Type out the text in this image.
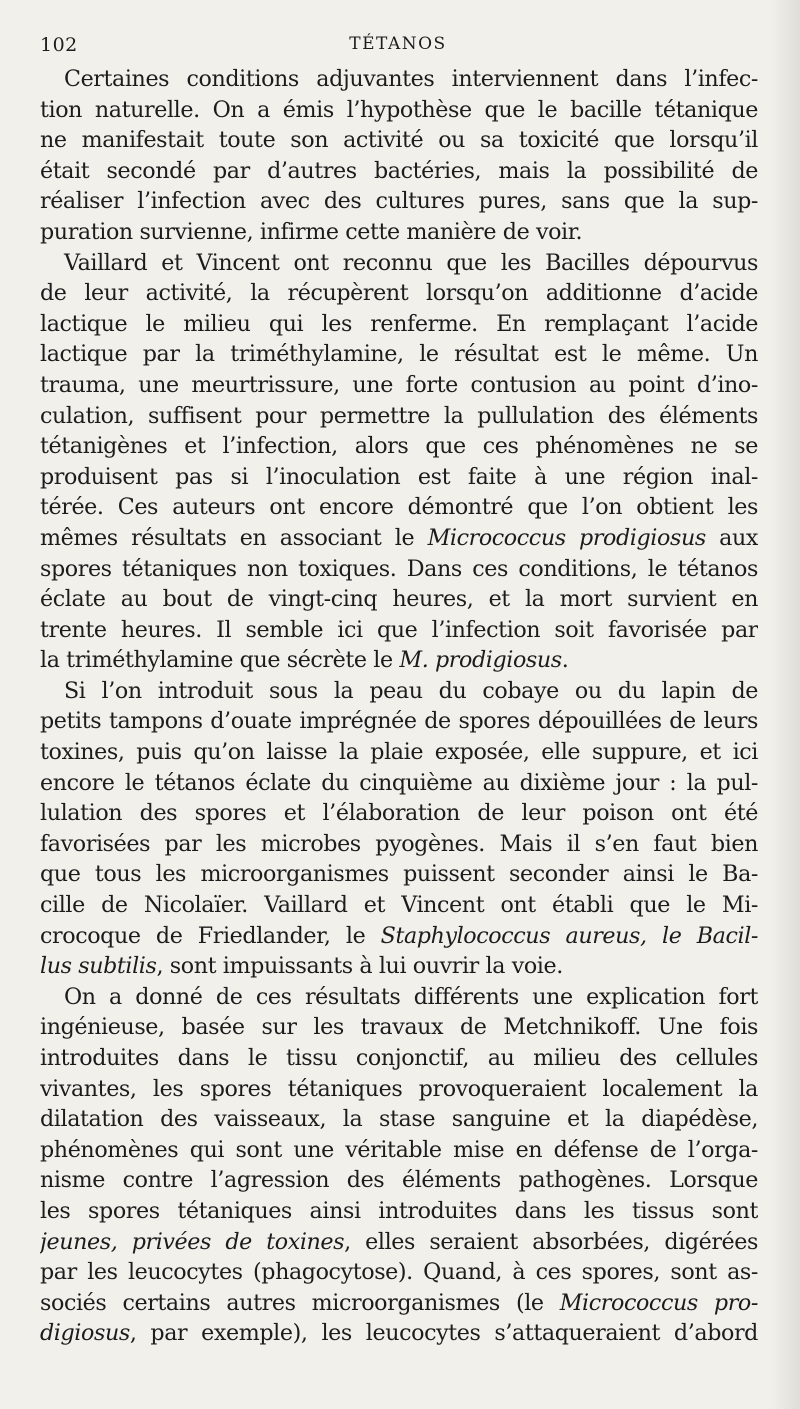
102	TÉTANOS
Certaines conditions adjuvantes interviennent dans l’infec-
tion naturelle. On a émis l’hypothèse que le bacille tétanique
ne manifestait toute son activité ou sa toxicité que lorsqu’il
était secondé par d’autres bactéries, mais la possibilité de
réaliser l’infection avec des cultures pures, sans que la sup-
puration survienne, infirme cette manière de voir.
Vaillard et Vincent ont reconnu que les Bacilles dépourvus
de leur activité, la récupèrent lorsqu’on additionne d’acide
lactique le milieu qui les renferme. En remplaçant l’acide
lactique par la triméthylamine, le résultat est le même. Un
trauma, une meurtrissure, une forte contusion au point d’ino-
culation, suffisent pour permettre la pullulation des éléments
tétanigènes et l’infection, alors que ces phénomènes ne se
produisent pas si l’inoculation est faite à une région inal-
térée. Ces auteurs ont encore démontré que l’on obtient les
mêmes résultats en associant le Micrococcus prodigiosus aux
spores tétaniques non toxiques. Dans ces conditions, le tétanos
éclate au bout de vingt-cinq heures, et la mort survient en
trente heures. Il semble ici que l’infection soit favorisée par
la triméthylamine que sécrète le M. prodigiosus.
Si l’on introduit sous la peau du cobaye ou du lapin de
petits tampons d’ouate imprégnée de spores dépouillées de leurs
toxines, puis qu’on laisse la plaie exposée, elle suppure, et ici
encore le tétanos éclate du cinquième au dixième jour : la pul-
lulation des spores et l’élaboration de leur poison ont été
favorisées par les microbes pyogènes. Mais il s’en faut bien
que tous les microorganismes puissent seconder ainsi le Ba-
cille de Nicolaïer. Vaillard et Vincent ont établi que le Mi-
crocoque de Friedlander, le Staphylococcus aureus, le Bacil-
lus subtilis, sont impuissants à lui ouvrir la voie.
On a donné de ces résultats différents une explication fort
ingénieuse, basée sur les travaux de Metchnikoff. Une fois
introduites dans le tissu conjonctif, au milieu des cellules
vivantes, les spores tétaniques provoqueraient localement la
dilatation des vaisseaux, la stase sanguine et la diapédèse,
phénomènes qui sont une véritable mise en défense de l’orga-
nisme contre l’agression des éléments pathogènes. Lorsque
les spores tétaniques ainsi introduites dans les tissus sont
jeunes, privées de toxines, elles seraient absorbées, digérées
par les leucocytes (phagocytose). Quand, à ces spores, sont as-
sociés certains autres microorganismes (le Micrococcus pro-
digiosus, par exemple), les leucocytes s’attaqueraient d’abord
